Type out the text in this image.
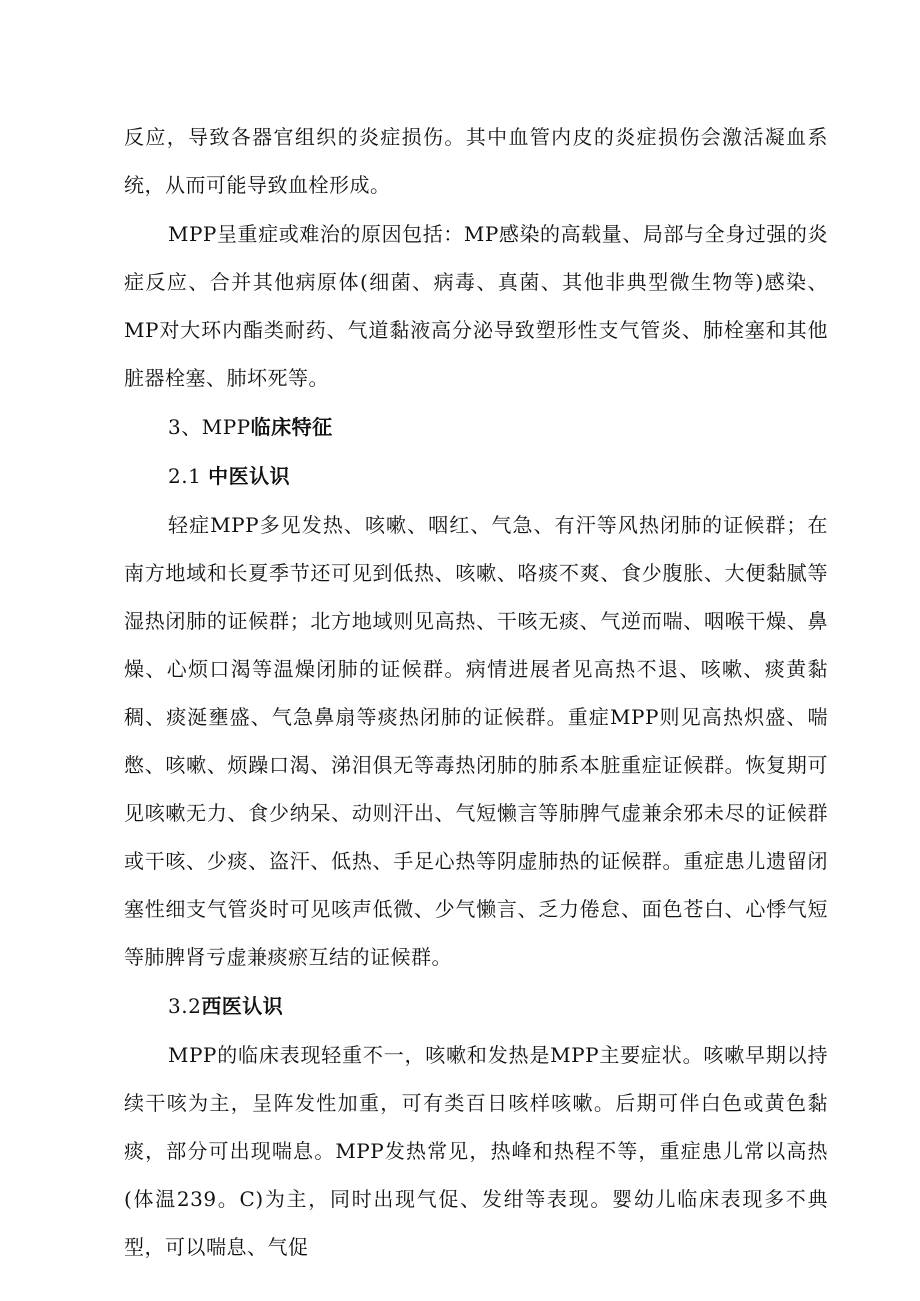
反应，导致各器官组织的炎症损伤。其中血管内皮的炎症损伤会激活凝血系统，从而可能导致血栓形成。

MPP呈重症或难治的原因包括：MP感染的高载量、局部与全身过强的炎症反应、合并其他病原体(细菌、病毒、真菌、其他非典型微生物等)感染、MP对大环内酯类耐药、气道黏液高分泌导致塑形性支气管炎、肺栓塞和其他脏器栓塞、肺坏死等。

3、MPP临床特征

2.1 中医认识

轻症MPP多见发热、咳嗽、咽红、气急、有汗等风热闭肺的证候群；在南方地域和长夏季节还可见到低热、咳嗽、咯痰不爽、食少腹胀、大便黏腻等湿热闭肺的证候群；北方地域则见高热、干咳无痰、气逆而喘、咽喉干燥、鼻燥、心烦口渴等温燥闭肺的证候群。病情进展者见高热不退、咳嗽、痰黄黏稠、痰涎壅盛、气急鼻扇等痰热闭肺的证候群。重症MPP则见高热炽盛、喘憋、咳嗽、烦躁口渴、涕泪俱无等毒热闭肺的肺系本脏重症证候群。恢复期可见咳嗽无力、食少纳呆、动则汗出、气短懒言等肺脾气虚兼余邪未尽的证候群或干咳、少痰、盗汗、低热、手足心热等阴虚肺热的证候群。重症患儿遗留闭塞性细支气管炎时可见咳声低微、少气懒言、乏力倦怠、面色苍白、心悸气短等肺脾肾亏虚兼痰瘀互结的证候群。

3.2西医认识

MPP的临床表现轻重不一，咳嗽和发热是MPP主要症状。咳嗽早期以持续干咳为主，呈阵发性加重，可有类百日咳样咳嗽。后期可伴白色或黄色黏痰，部分可出现喘息。MPP发热常见，热峰和热程不等，重症患儿常以高热(体温239。C)为主，同时出现气促、发绀等表现。婴幼儿临床表现多不典型，可以喘息、气促
